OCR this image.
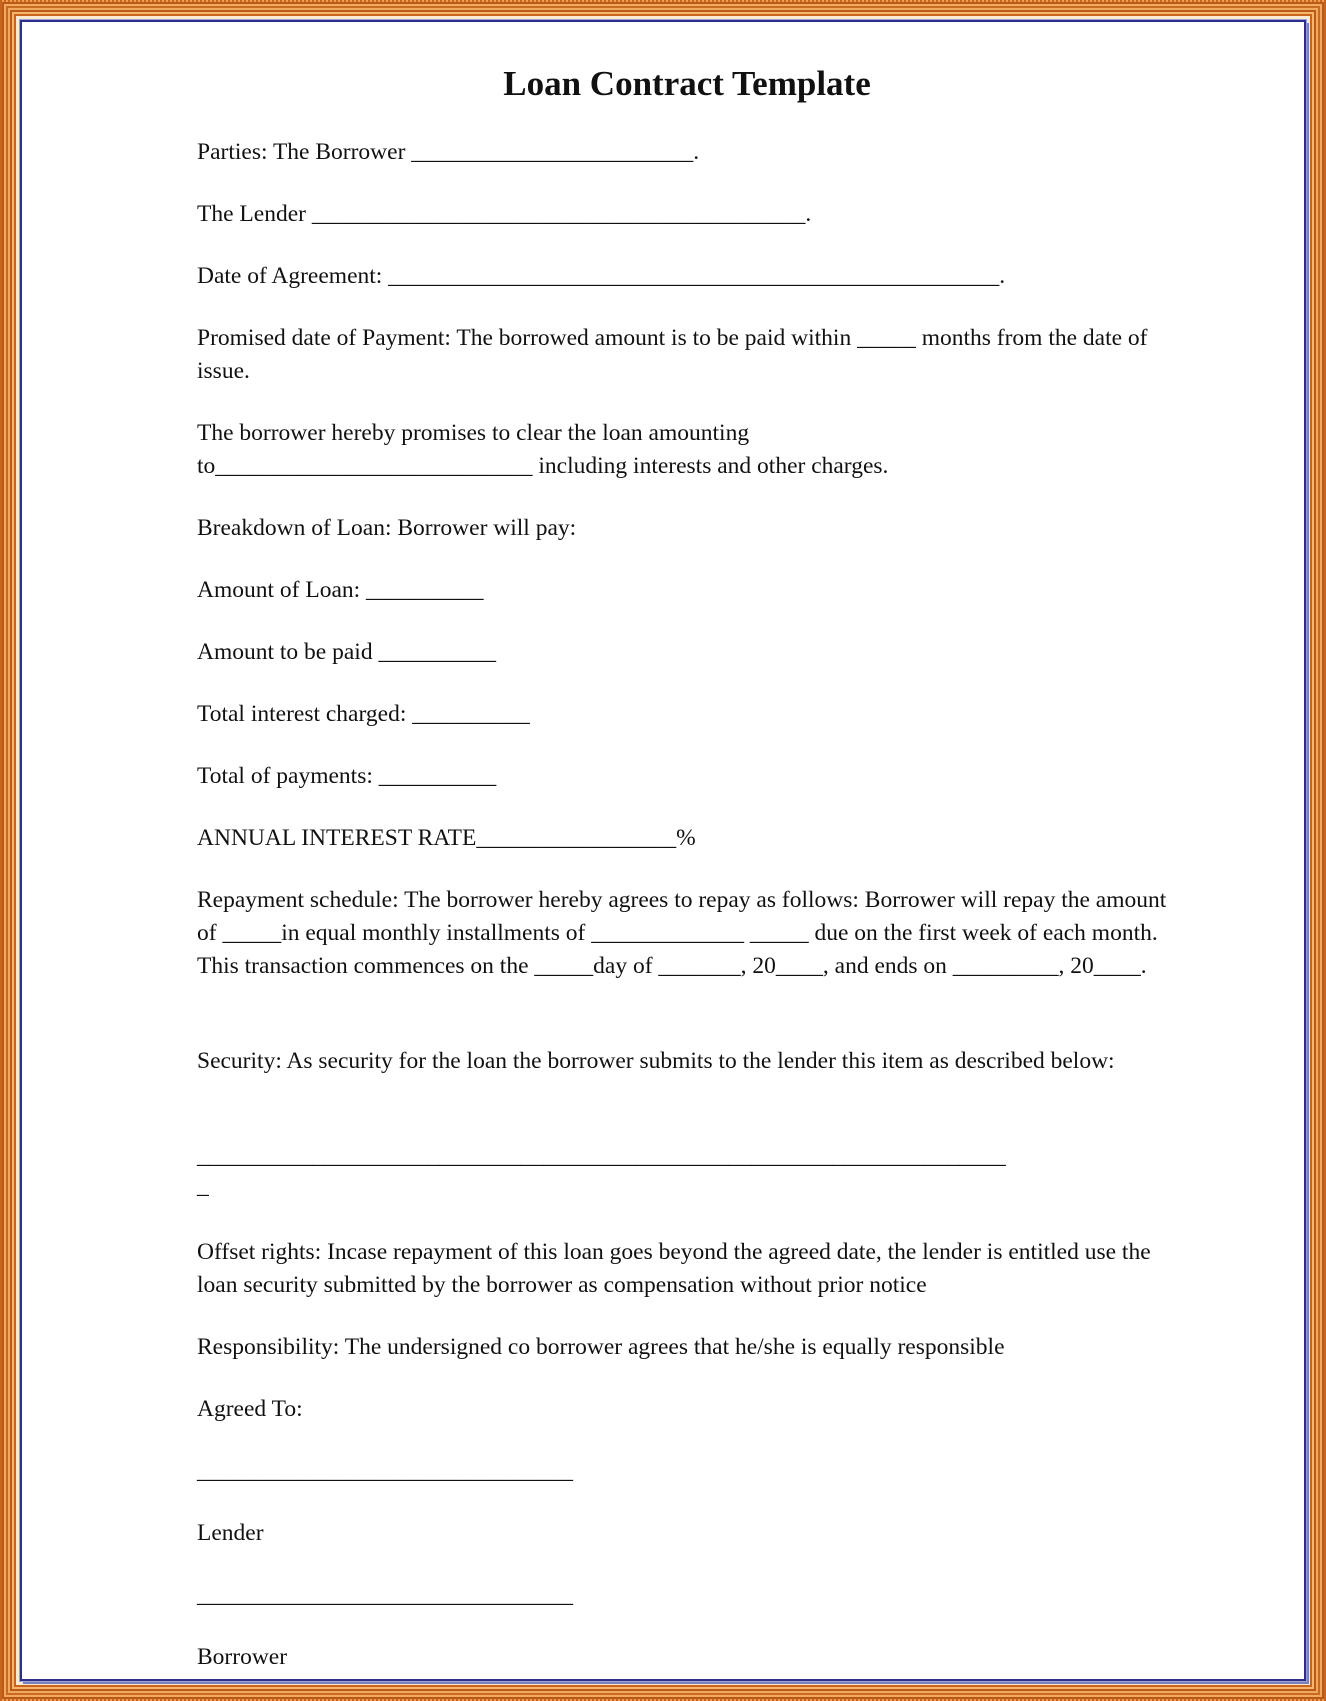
Loan Contract Template

Parties: The Borrower ________________________.

The Lender __________________________________________.

Date of Agreement: ____________________________________________________.

Promised date of Payment: The borrowed amount is to be paid within _____ months from the date of issue.

The borrower hereby promises to clear the loan amounting

to___________________________ including interests and other charges.

Breakdown of Loan: Borrower will pay:

Amount of Loan: __________

Amount to be paid __________

Total interest charged: __________

Total of payments: __________

ANNUAL INTEREST RATE_________________%

Repayment schedule: The borrower hereby agrees to repay as follows: Borrower will repay the amount of _____in equal monthly installments of _____________ _____ due on the first week of each month. This transaction commences on the _____day of _______, 20____, and ends on _________, 20____.

Security: As security for the loan the borrower submits to the lender this item as described below:

______________________________________________________________________

_

Offset rights: Incase repayment of this loan goes beyond the agreed date, the lender is entitled use the loan security submitted by the borrower as compensation without prior notice

Responsibility: The undersigned co borrower agrees that he/she is equally responsible

Agreed To:

________________________________

Lender

________________________________

Borrower
